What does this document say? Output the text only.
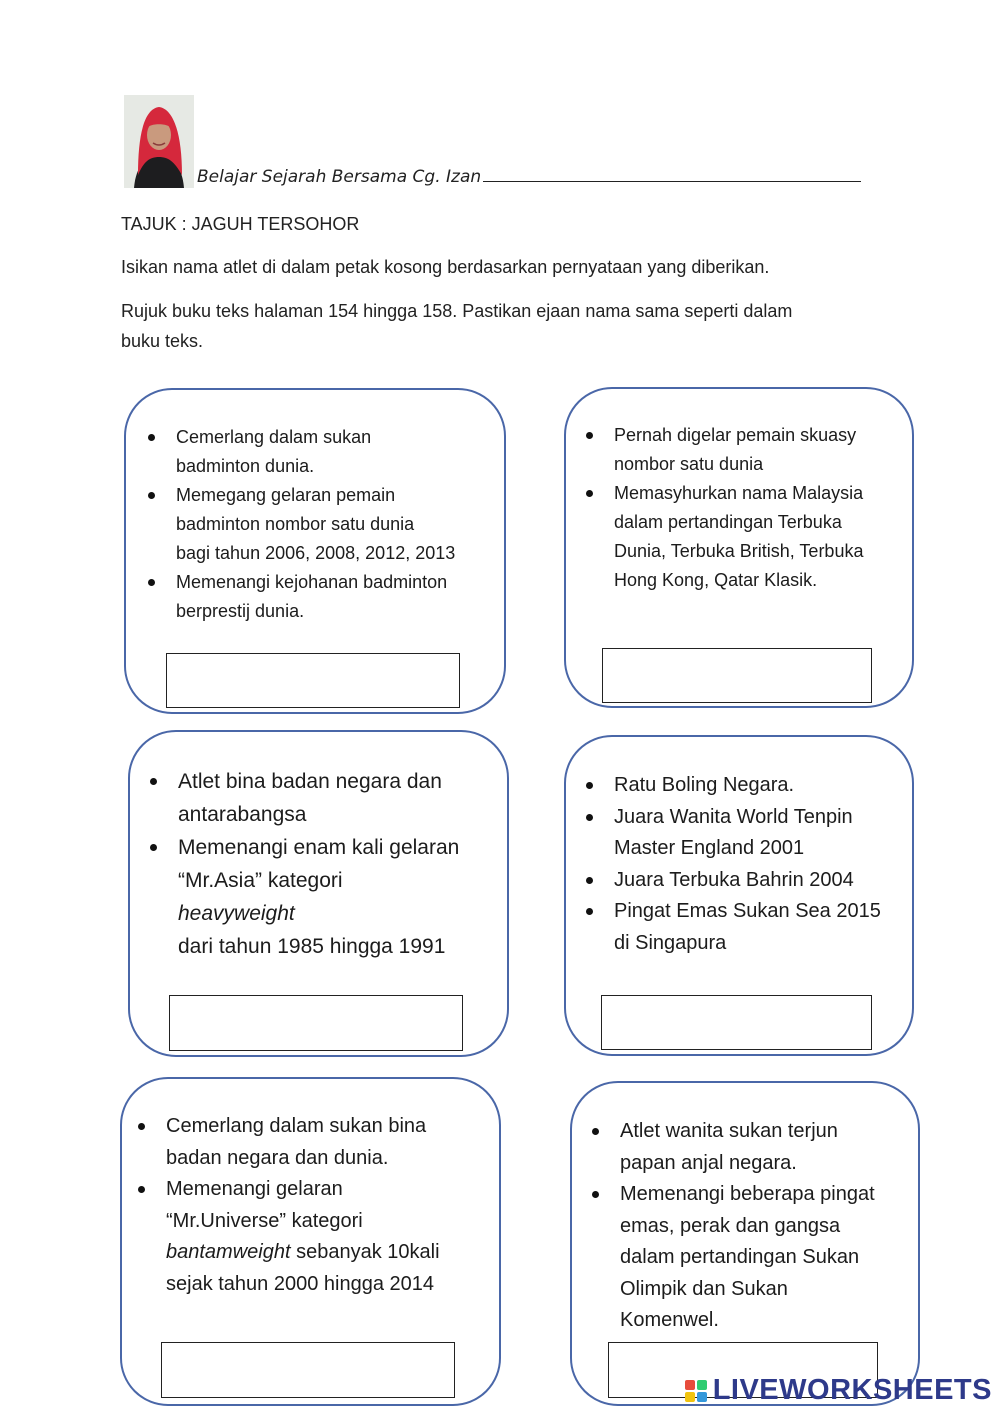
Belajar Sejarah Bersama Cg. Izan
TAJUK : JAGUH TERSOHOR
Isikan nama atlet di dalam petak kosong berdasarkan pernyataan yang diberikan.
Rujuk buku teks halaman 154 hingga 158. Pastikan ejaan nama sama seperti dalam
buku teks.
Cemerlang dalam sukan
badminton dunia.
Memegang gelaran pemain
badminton nombor satu dunia
bagi tahun 2006, 2008, 2012, 2013
Memenangi kejohanan badminton
berprestij dunia.
Pernah digelar pemain skuasy
nombor satu dunia
Memasyhurkan nama Malaysia
dalam pertandingan Terbuka
Dunia, Terbuka British, Terbuka
Hong Kong, Qatar Klasik.
Atlet bina badan negara dan
antarabangsa
Memenangi enam kali gelaran
“Mr.Asia” kategori
heavyweight
dari tahun 1985 hingga 1991
Ratu Boling Negara.
Juara Wanita World Tenpin
Master England 2001
Juara Terbuka Bahrin 2004
Pingat Emas Sukan Sea 2015
di Singapura
Cemerlang dalam sukan bina
badan negara dan dunia.
Memenangi gelaran
“Mr.Universe” kategori
bantamweight sebanyak 10kali
sejak tahun 2000 hingga 2014
Atlet wanita sukan terjun
papan anjal negara.
Memenangi beberapa pingat
emas, perak dan gangsa
dalam pertandingan Sukan
Olimpik dan Sukan
Komenwel.
LIVEWORKSHEETS
